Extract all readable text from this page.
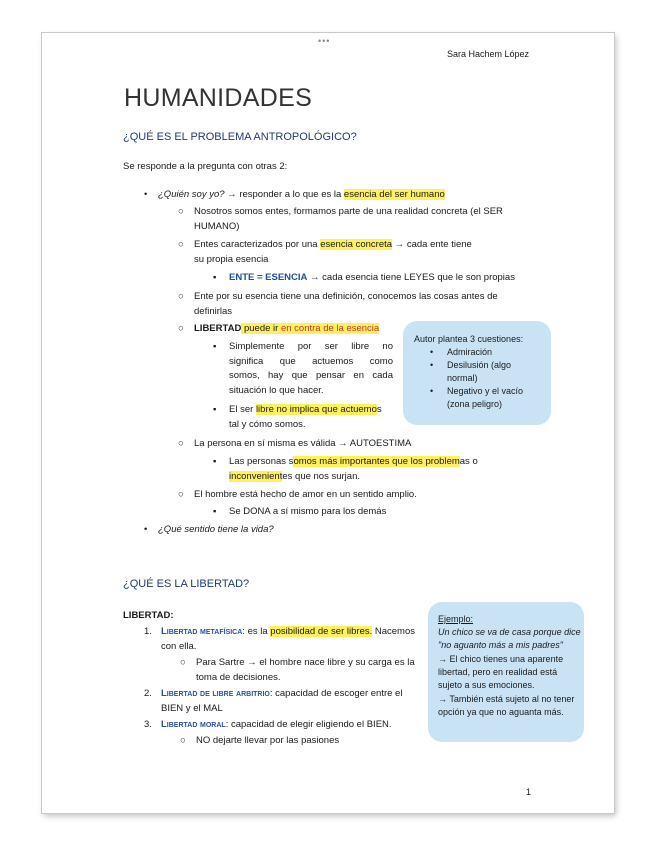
•••
Sara Hachem López
HUMANIDADES
¿QUÉ ES EL PROBLEMA ANTROPOLÓGICO?
Se responde a la pregunta con otras 2:
• ¿Quién soy yo? → responder a lo que es la esencia del ser humano
○ Nosotros somos entes, formamos parte de una realidad concreta (el SER
HUMANO)
○ Entes caracterizados por una esencia concreta → cada ente tiene
su propia esencia
▪ ENTE = ESENCIA → cada esencia tiene LEYES que le son propias
○ Ente por su esencia tiene una definición, conocemos las cosas antes de
definirlas
○ LIBERTAD puede ir en contra de la esencia
▪ Simplemente por ser libre no
significa que actuemos como
somos, hay que pensar en cada
situación lo que hacer.
▪ El ser libre no implica que actuemos
tal y cómo somos.
○ La persona en sí misma es válida → AUTOESTIMA
▪ Las personas somos más importantes que los problemas o
inconvenientes que nos surjan.
○ El hombre está hecho de amor en un sentido amplio.
▪ Se DONA a sí mismo para los demás
• ¿Qué sentido tiene la vida?
Autor plantea 3 cuestiones:
• Admiración
• Desilusión (algo
normal)
• Negativo y el vacío
(zona peligro)
¿QUÉ ES LA LIBERTAD?
LIBERTAD:
1. Libertad metafísica: es la posibilidad de ser libres. Nacemos
con ella.
○ Para Sartre → el hombre nace libre y su carga es la
toma de decisiones.
2. Libertad de libre arbitrio: capacidad de escoger entre el
BIEN y el MAL
3. Libertad moral: capacidad de elegir eligiendo el BIEN.
○ NO dejarte llevar por las pasiones
Ejemplo:
Un chico se va de casa porque dice
"no aguanto más a mis padres"
→ El chico tienes una aparente
libertad, pero en realidad está
sujeto a sus emociones.
→ También está sujeto al no tener
opción ya que no aguanta más.
1
